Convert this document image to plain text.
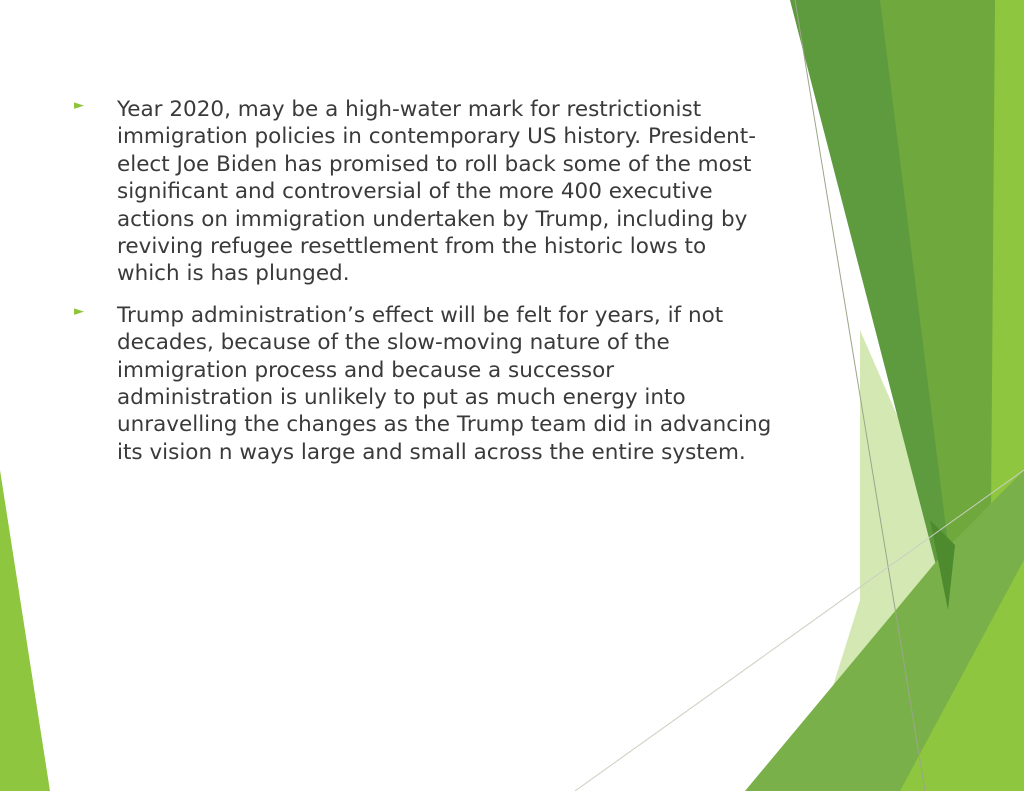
► Year 2020, may be a high-water mark for restrictionist immigration policies in contemporary US history. President-elect Joe Biden has promised to roll back some of the most significant and controversial of the more 400 executive actions on immigration undertaken by Trump, including by reviving refugee resettlement from the historic lows to which is has plunged.
► Trump administration’s effect will be felt for years, if not decades, because of the slow-moving nature of the immigration process and because a successor administration is unlikely to put as much energy into unravelling the changes as the Trump team did in advancing its vision n ways large and small across the entire system.
